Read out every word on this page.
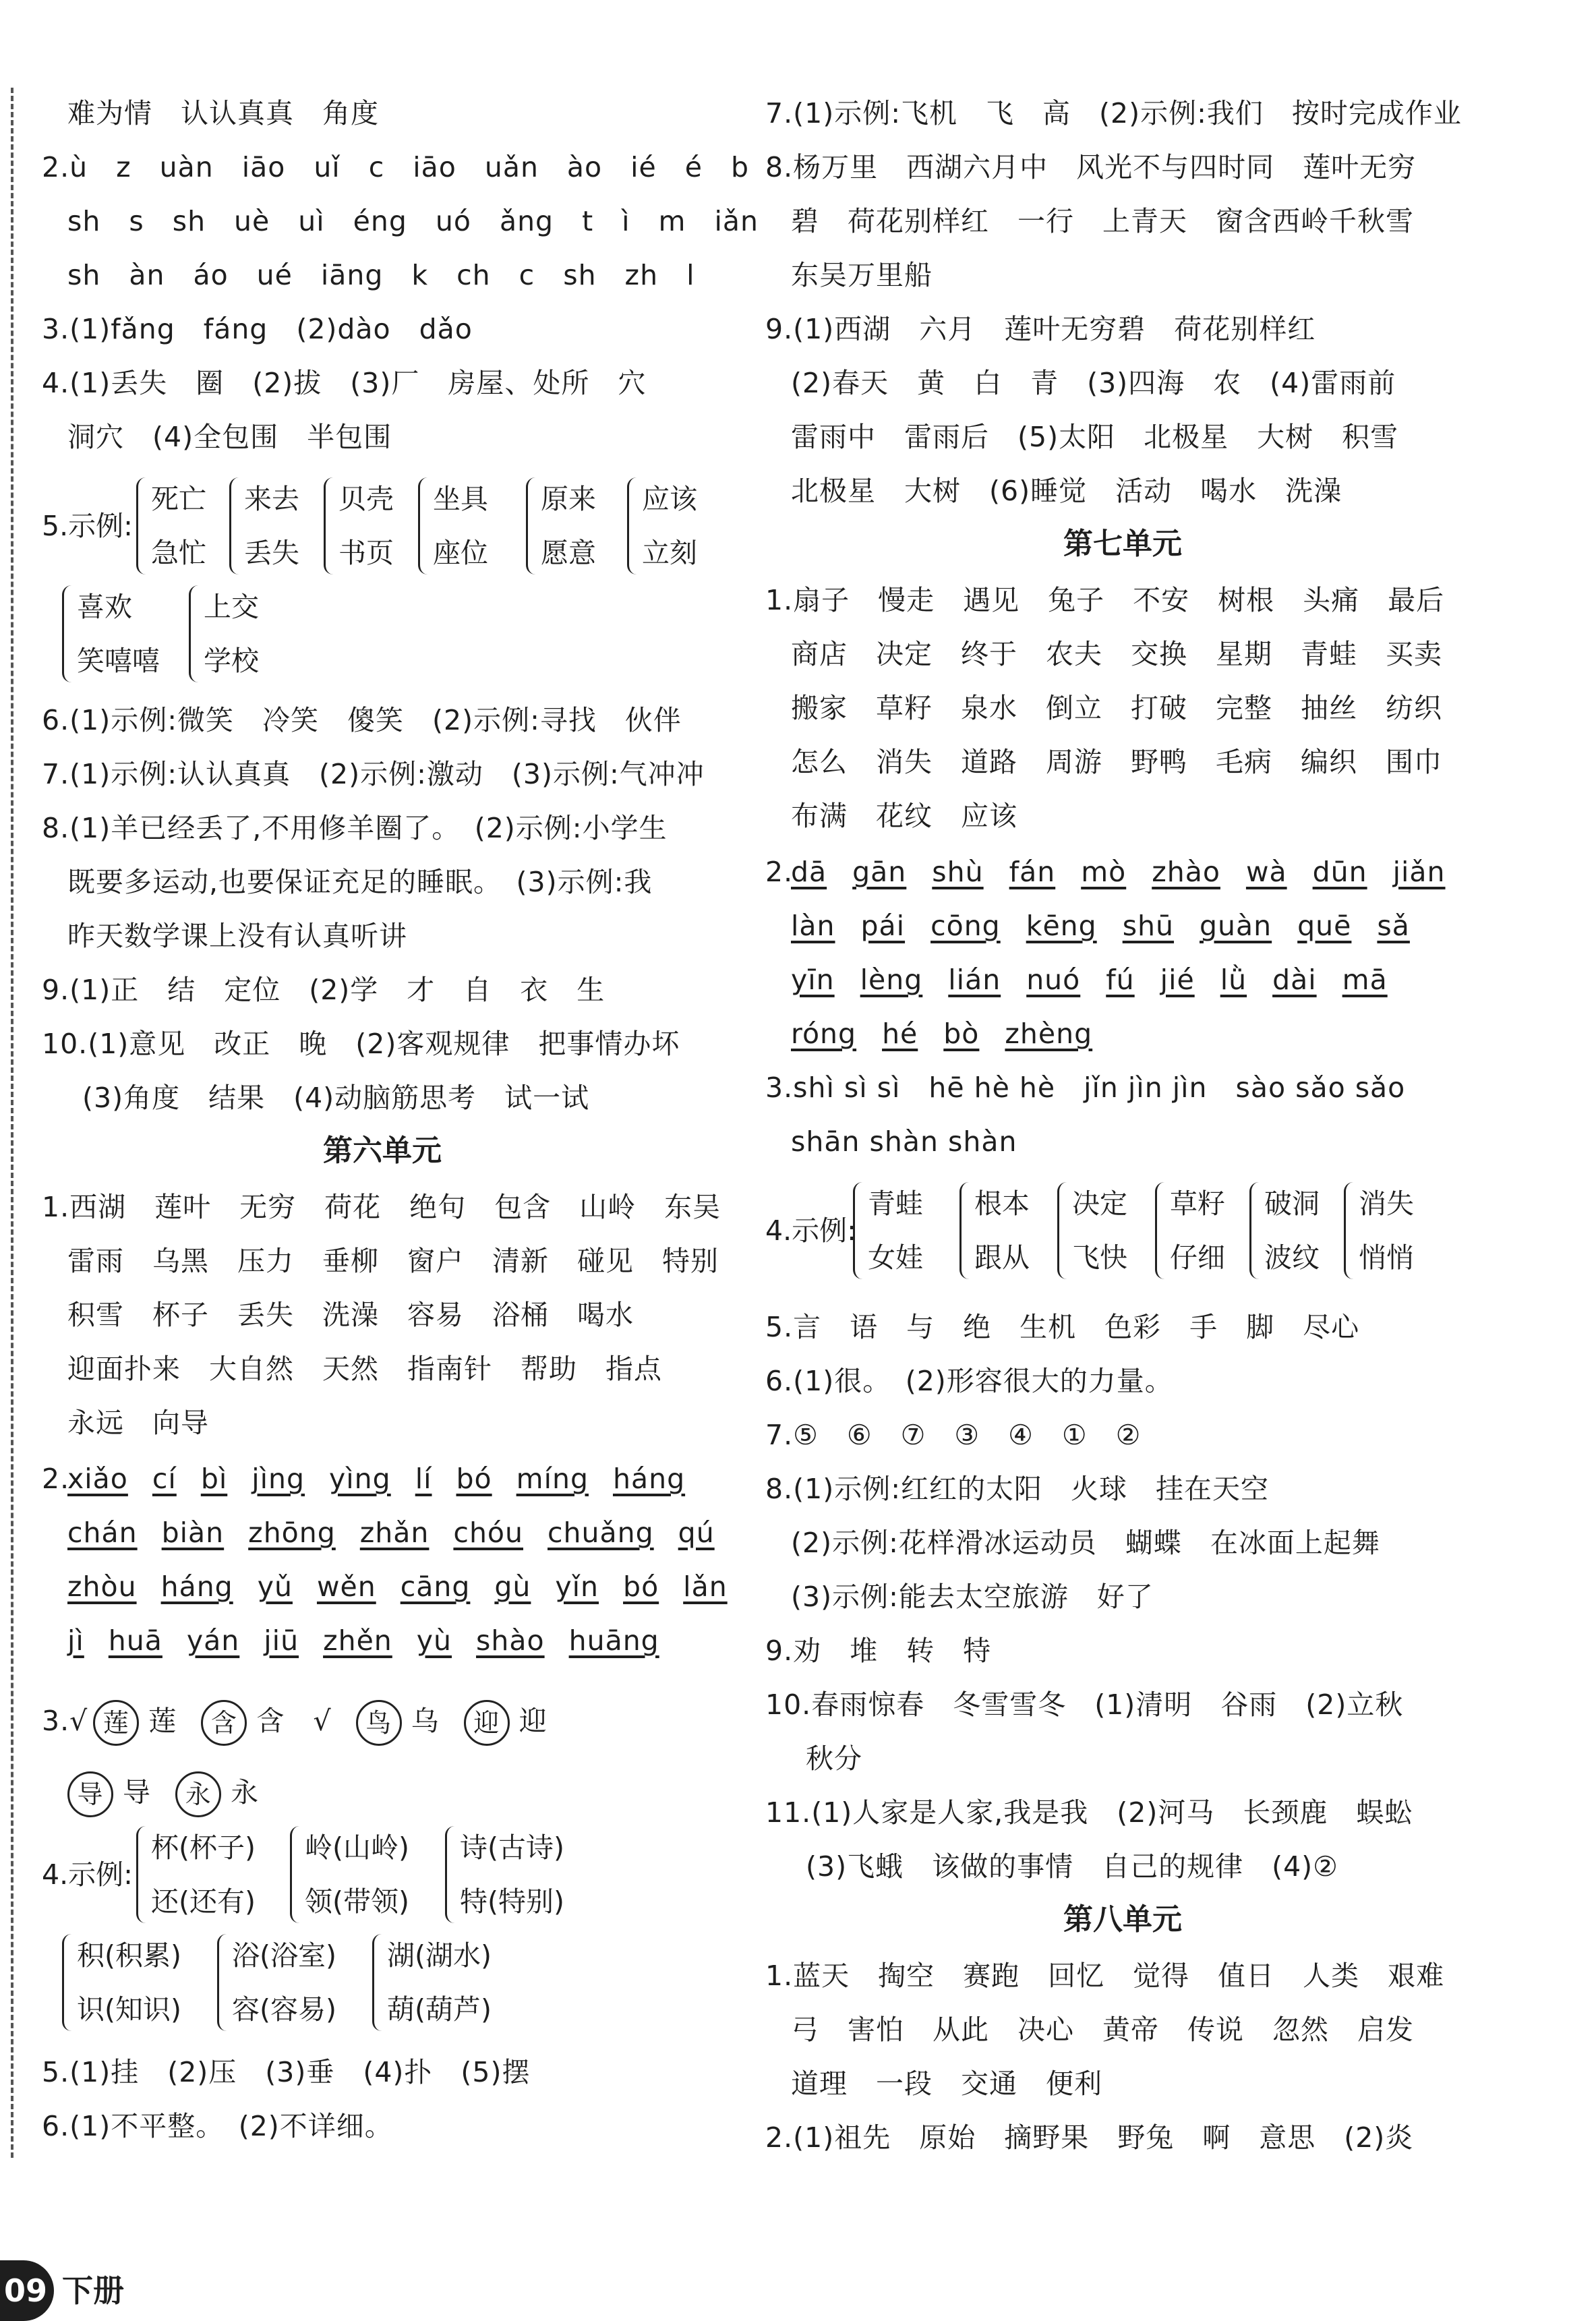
难为情　认认真真　角度
2.ù　z　uàn　iāo　uǐ　c　iāo　uǎn　ào　ié　é　b
sh　s　sh　uè　uì　éng　uó　ǎng　t　ì　m　iǎn
sh　àn　áo　ué　iāng　k　ch　c　sh　zh　l
3.(1)fǎng　fáng　(2)dào　dǎo
4.(1)丢失　圈　(2)拔　(3)厂　房屋、处所　穴
洞穴　(4)全包围　半包围
5.示例:
死亡
急忙
来去
丢失
贝壳
书页
坐具
座位
原来
愿意
应该
立刻
喜欢
笑嘻嘻
上交
学校
6.(1)示例:微笑　冷笑　傻笑　(2)示例:寻找　伙伴
7.(1)示例:认认真真　(2)示例:激动　(3)示例:气冲冲
8.(1)羊已经丢了,不用修羊圈了。　(2)示例:小学生
既要多运动,也要保证充足的睡眠。　(3)示例:我
昨天数学课上没有认真听讲
9.(1)正　结　定位　(2)学　才　自　衣　生
10.(1)意见　改正　晚　(2)客观规律　把事情办坏
(3)角度　结果　(4)动脑筋思考　试一试
第六单元
1.西湖　莲叶　无穷　荷花　绝句　包含　山岭　东吴
雷雨　乌黑　压力　垂柳　窗户　清新　碰见　特别
积雪　杯子　丢失　洗澡　容易　浴桶　喝水
迎面扑来　大自然　天然　指南针　帮助　指点
永远　向导
2.
xiǎo cí bì jìng yìng lí bó míng háng
chán biàn zhōng zhǎn chóu chuǎng qú
zhòu háng yǔ wěn cāng gù yǐn bó lǎn
jì huā yán jiū zhěn yù shào huāng
3.√ 莲 莲 含 含 √ 鸟 乌 迎 迎
导 导 永 永
4.示例:
杯(杯子)
还(还有)
岭(山岭)
领(带领)
诗(古诗)
特(特别)
积(积累)
识(知识)
浴(浴室)
容(容易)
湖(湖水)
葫(葫芦)
5.(1)挂　(2)压　(3)垂　(4)扑　(5)摆
6.(1)不平整。　(2)不详细。
09 下册
7.(1)示例:飞机　飞　高　(2)示例:我们　按时完成作业
8.杨万里　西湖六月中　风光不与四时同　莲叶无穷
碧　荷花别样红　一行　上青天　窗含西岭千秋雪
东吴万里船
9.(1)西湖　六月　莲叶无穷碧　荷花别样红
(2)春天　黄　白　青　(3)四海　农　(4)雷雨前
雷雨中　雷雨后　(5)太阳　北极星　大树　积雪
北极星　大树　(6)睡觉　活动　喝水　洗澡
第七单元
1.扇子　慢走　遇见　兔子　不安　树根　头痛　最后
商店　决定　终于　农夫　交换　星期　青蛙　买卖
搬家　草籽　泉水　倒立　打破　完整　抽丝　纺织
怎么　消失　道路　周游　野鸭　毛病　编织　围巾
布满　花纹　应该
2.
dā gān shù fán mò zhào wà dūn jiǎn
làn pái cōng kēng shū guàn quē sǎ
yīn lèng lián nuó fú jié lǜ dài mā
róng hé bò zhèng
3.shì sì sì　hē hè hè　jǐn jìn jìn　sào sǎo sǎo
shān shàn shàn
4.示例:
青蛙
女娃
根本
跟从
决定
飞快
草籽
仔细
破洞
波纹
消失
悄悄
5.言　语　与　绝　生机　色彩　手　脚　尽心
6.(1)很。　(2)形容很大的力量。
7.⑤　⑥　⑦　③　④　①　②
8.(1)示例:红红的太阳　火球　挂在天空
(2)示例:花样滑冰运动员　蝴蝶　在冰面上起舞
(3)示例:能去太空旅游　好了
9.劝　堆　转　特
10.春雨惊春　冬雪雪冬　(1)清明　谷雨　(2)立秋
秋分
11.(1)人家是人家,我是我　(2)河马　长颈鹿　蜈蚣
(3)飞蛾　该做的事情　自己的规律　(4)②
第八单元
1.蓝天　掏空　赛跑　回忆　觉得　值日　人类　艰难
弓　害怕　从此　决心　黄帝　传说　忽然　启发
道理　一段　交通　便利
2.(1)祖先　原始　摘野果　野兔　啊　意思　(2)炎
